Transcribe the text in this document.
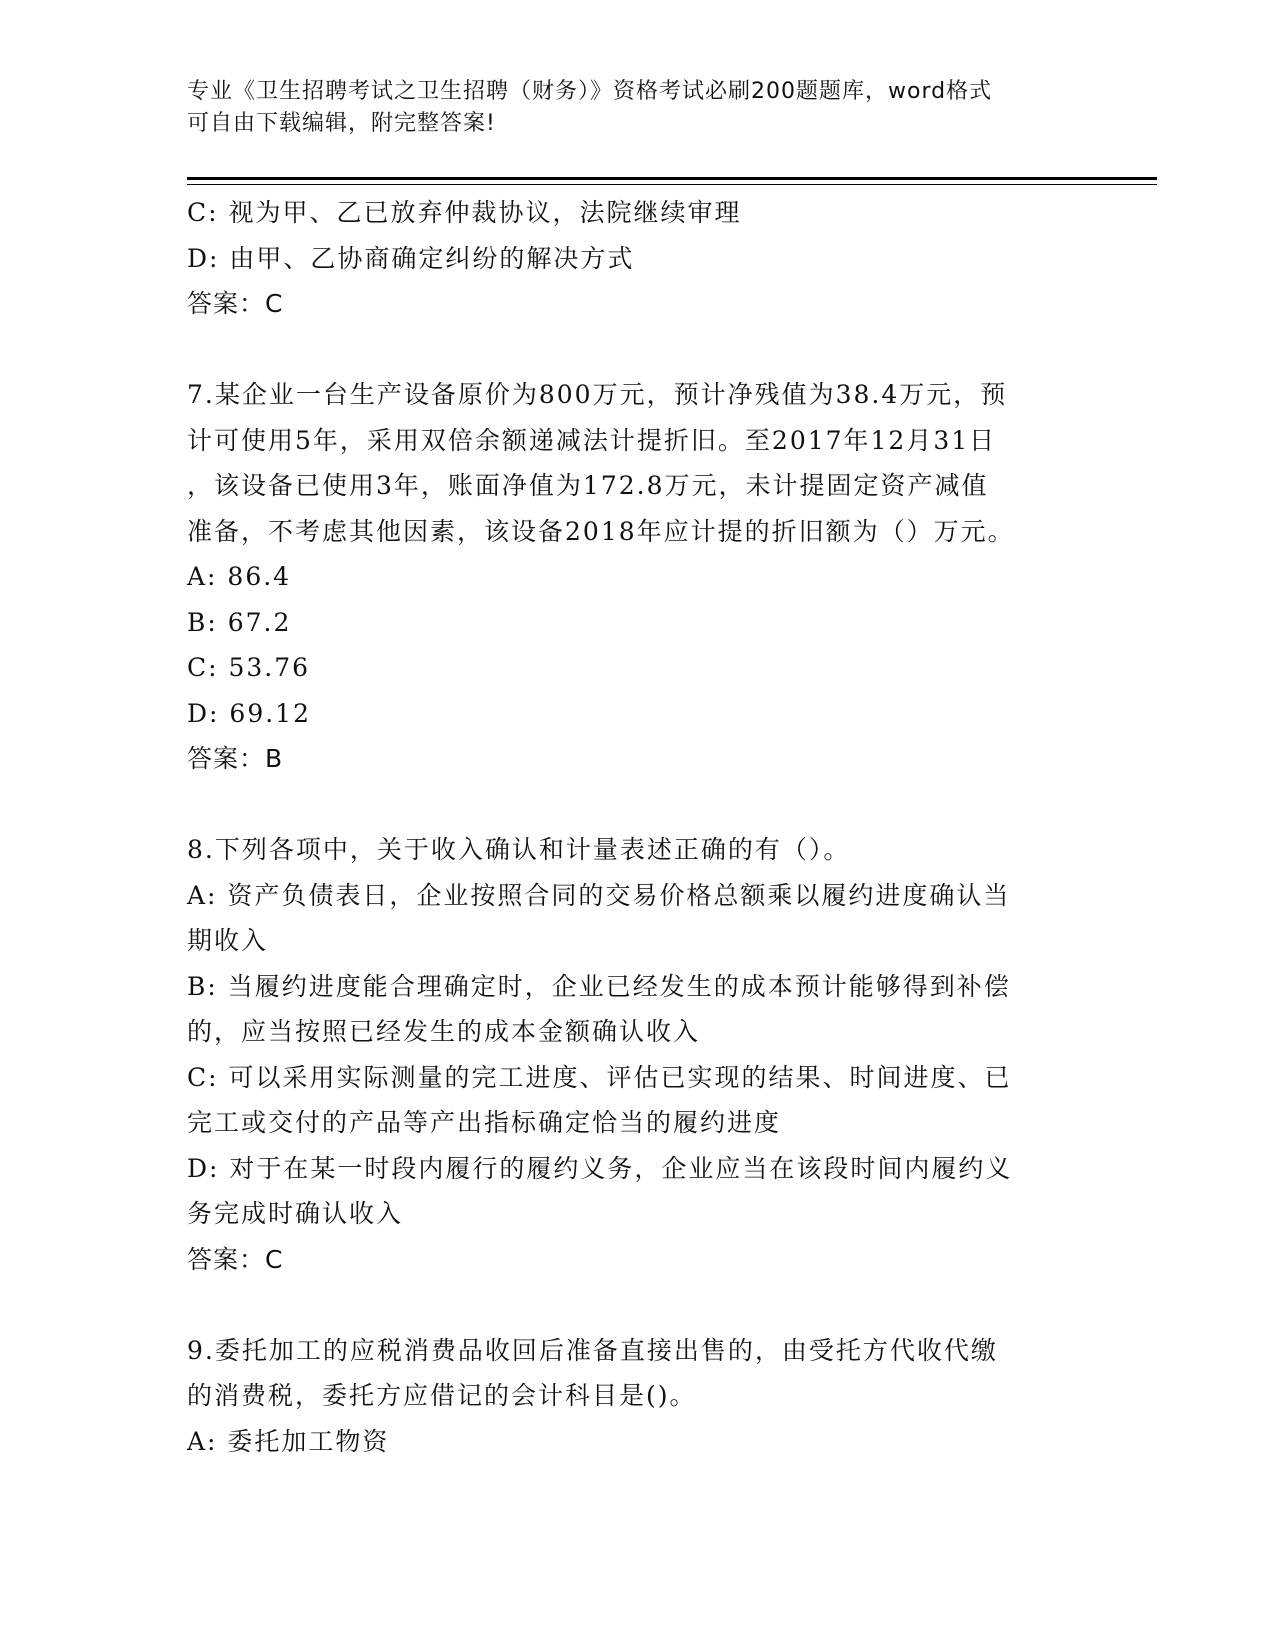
专业《卫生招聘考试之卫生招聘（财务）》资格考试必刷200题题库，word格式
可自由下载编辑，附完整答案!
C: 视为甲、乙已放弃仲裁协议，法院继续审理
D: 由甲、乙协商确定纠纷的解决方式
答案：C
7.某企业一台生产设备原价为800万元，预计净残值为38.4万元，预
计可使用5年，采用双倍余额递减法计提折旧。至2017年12月31日
，该设备已使用3年，账面净值为172.8万元，未计提固定资产减值
准备，不考虑其他因素，该设备2018年应计提的折旧额为（）万元。
A: 86.4
B: 67.2
C: 53.76
D: 69.12
答案：B
8.下列各项中，关于收入确认和计量表述正确的有（）。
A: 资产负债表日，企业按照合同的交易价格总额乘以履约进度确认当
期收入
B: 当履约进度能合理确定时，企业已经发生的成本预计能够得到补偿
的，应当按照已经发生的成本金额确认收入
C: 可以采用实际测量的完工进度、评估已实现的结果、时间进度、已
完工或交付的产品等产出指标确定恰当的履约进度
D: 对于在某一时段内履行的履约义务，企业应当在该段时间内履约义
务完成时确认收入
答案：C
9.委托加工的应税消费品收回后准备直接出售的，由受托方代收代缴
的消费税，委托方应借记的会计科目是()。
A: 委托加工物资
